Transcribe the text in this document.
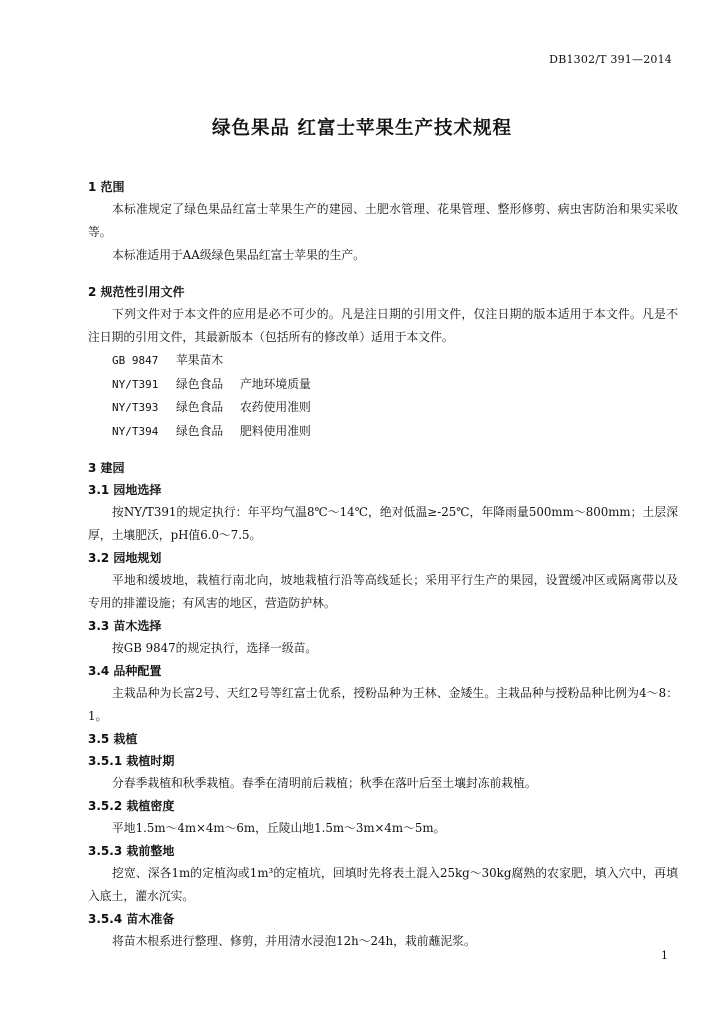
DB1302/T 391—2014
绿色果品 红富士苹果生产技术规程
1 范围

本标准规定了绿色果品红富士苹果生产的建园、土肥水管理、花果管理、整形修剪、病虫害防治和果实采收等。

本标准适用于AA级绿色果品红富士苹果的生产。

2 规范性引用文件

下列文件对于本文件的应用是必不可少的。凡是注日期的引用文件，仅注日期的版本适用于本文件。凡是不注日期的引用文件，其最新版本（包括所有的修改单）适用于本文件。

GB 9847	苹果苗木
NY/T391	绿色食品	产地环境质量
NY/T393	绿色食品	农药使用准则
NY/T394	绿色食品	肥料使用准则
3 建园
3.1 园地选择

按NY/T391的规定执行：年平均气温8℃～14℃，绝对低温≥-25℃，年降雨量500mm～800mm；土层深厚，土壤肥沃，pH值6.0～7.5。

3.2 园地规划

平地和缓坡地，栽植行南北向，坡地栽植行沿等高线延长；采用平行生产的果园，设置缓冲区或隔离带以及专用的排灌设施；有风害的地区，营造防护林。

3.3 苗木选择

按GB 9847的规定执行，选择一级苗。

3.4 品种配置

主栽品种为长富2号、天红2号等红富士优系，授粉品种为王林、金矮生。主栽品种与授粉品种比例为4～8：1。

3.5 栽植
3.5.1 栽植时期

分春季栽植和秋季栽植。春季在清明前后栽植；秋季在落叶后至土壤封冻前栽植。

3.5.2 栽植密度

平地1.5m～4m×4m～6m，丘陵山地1.5m～3m×4m～5m。

3.5.3 栽前整地

挖宽、深各1m的定植沟或1m³的定植坑，回填时先将表土混入25kg～30kg腐熟的农家肥，填入穴中，再填入底土，灌水沉实。

3.5.4 苗木准备

将苗木根系进行整理、修剪，并用清水浸泡12h～24h，栽前蘸泥浆。

1
